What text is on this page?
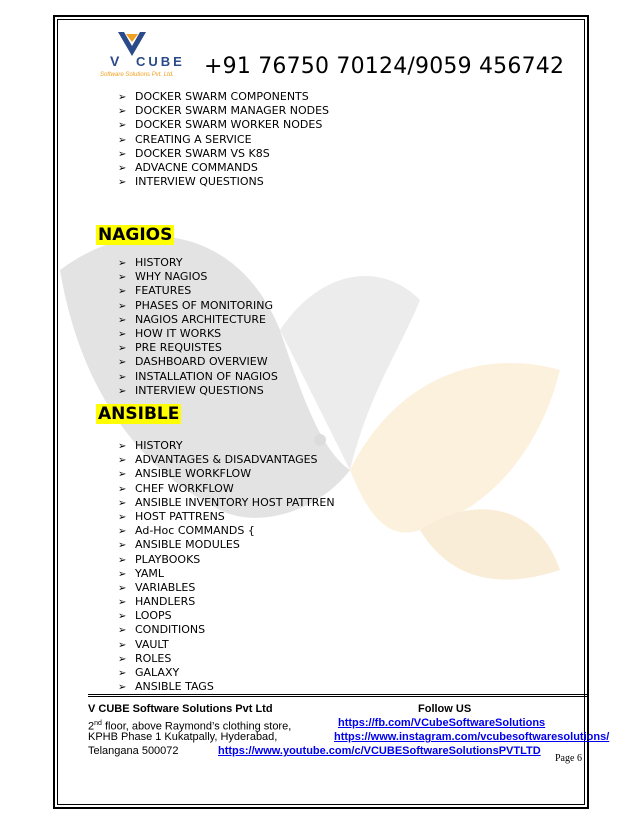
V CUBE
Software Solutions Pvt. Ltd. +91 76750 70124/9059 456742
➢ DOCKER SWARM COMPONENTS
➢ DOCKER SWARM MANAGER NODES
➢ DOCKER SWARM WORKER NODES
➢ CREATING A SERVICE
➢ DOCKER SWARM VS K8S
➢ ADVACNE COMMANDS
➢ INTERVIEW QUESTIONS
NAGIOS
➢ HISTORY
➢ WHY NAGIOS
➢ FEATURES
➢ PHASES OF MONITORING
➢ NAGIOS ARCHITECTURE
➢ HOW IT WORKS
➢ PRE REQUISTES
➢ DASHBOARD OVERVIEW
➢ INSTALLATION OF NAGIOS
➢ INTERVIEW QUESTIONS
ANSIBLE
➢ HISTORY
➢ ADVANTAGES & DISADVANTAGES
➢ ANSIBLE WORKFLOW
➢ CHEF WORKFLOW
➢ ANSIBLE INVENTORY HOST PATTREN
➢ HOST PATTRENS
➢ Ad-Hoc COMMANDS {
➢ ANSIBLE MODULES
➢ PLAYBOOKS
➢ YAML
➢ VARIABLES
➢ HANDLERS
➢ LOOPS
➢ CONDITIONS
➢ VAULT
➢ ROLES
➢ GALAXY
➢ ANSIBLE TAGS
V CUBE Software Solutions Pvt Ltd	Follow US
2nd floor, above Raymond’s clothing store,	https://fb.com/VCubeSoftwareSolutions
KPHB Phase 1 Kukatpally, Hyderabad,	https://www.instagram.com/vcubesoftwaresolutions/
Telangana 500072	https://www.youtube.com/c/VCUBESoftwareSolutionsPVTLTD
Page 6
